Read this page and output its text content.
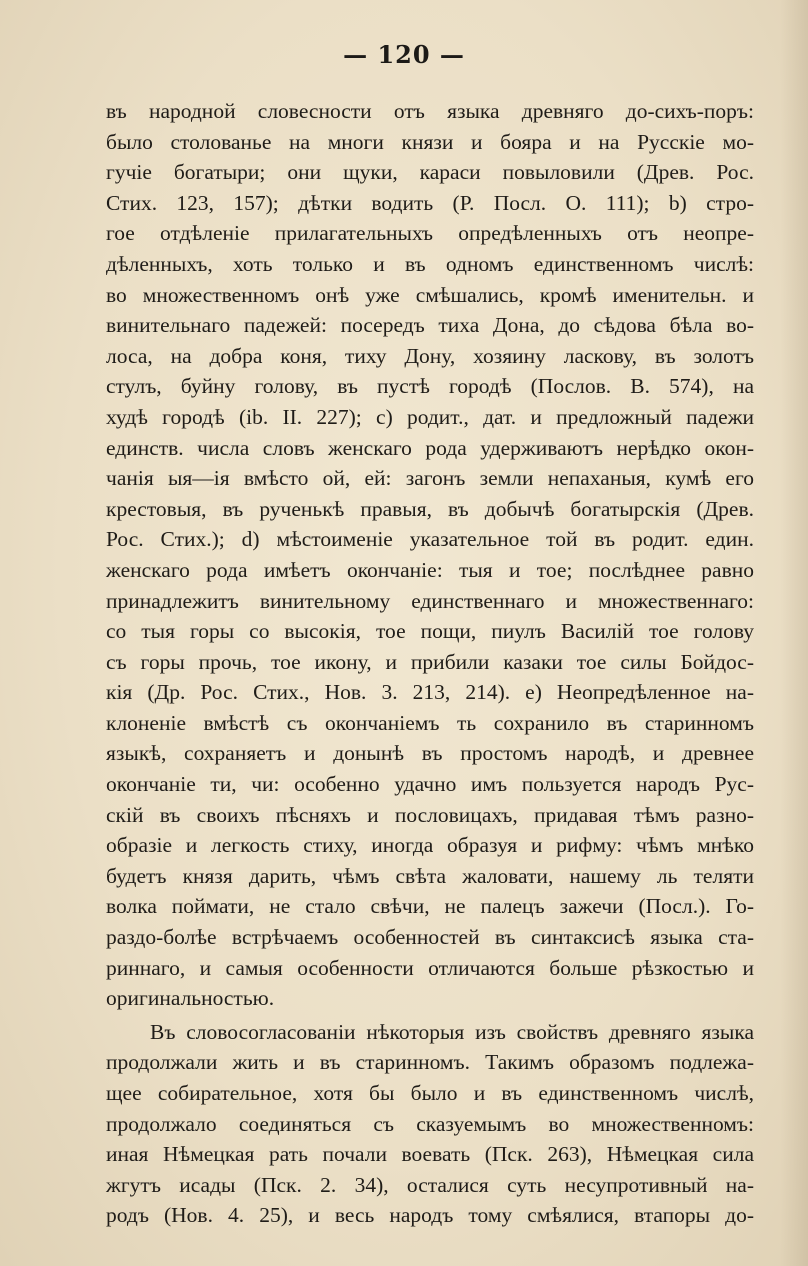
— 120 —
въ народной словесности отъ языка древняго до-сихъ-поръ:
было столованье на многи князи и бояра и на Русскіе мо-
гучіе богатыри; они щуки, караси повыловили (Древ. Рос.
Стих. 123, 157); дѣтки водить (Р. Посл. О. 111); b) стро-
гое отдѣленіе прилагательныхъ опредѣленныхъ отъ неопре-
дѣленныхъ, хоть только и въ одномъ единственномъ числѣ:
во множественномъ онѣ уже смѣшались, кромѣ именительн. и
винительнаго падежей: посередъ тиха Дона, до сѣдова бѣла во-
лоса, на добра коня, тиху Дону, хозяину ласкову, въ золотъ
стулъ, буйну голову, въ пустѣ городѣ (Послов. В. 574), на
худѣ городѣ (ib. II. 227); c) родит., дат. и предложный падежи
единств. числа словъ женскаго рода удерживаютъ нерѣдко окон-
чанія ыя—ія вмѣсто ой, ей: загонъ земли непаханыя, кумѣ его
крестовыя, въ рученькѣ правыя, въ добычѣ богатырскія (Древ.
Рос. Стих.); d) мѣстоименіе указательное той въ родит. един.
женскаго рода имѣетъ окончаніе: тыя и тое; послѣднее равно
принадлежитъ винительному единственнаго и множественнаго:
со тыя горы со высокія, тое пощи, пиулъ Василій тое голову
съ горы прочь, тое икону, и прибили казаки тое силы Бойдос-
кія (Др. Рос. Стих., Нов. 3. 213, 214). e) Неопредѣленное на-
клоненіе вмѣстѣ съ окончаніемъ ть сохранило въ старинномъ
языкѣ, сохраняетъ и донынѣ въ простомъ народѣ, и древнее
окончаніе ти, чи: особенно удачно имъ пользуется народъ Рус-
скій въ своихъ пѣсняхъ и пословицахъ, придавая тѣмъ разно-
образіе и легкость стиху, иногда образуя и рифму: чѣмъ мнѣко
будетъ князя дарить, чѣмъ свѣта жаловати, нашему ль теляти
волка поймати, не стало свѣчи, не палецъ зажечи (Посл.). Го-
раздо-болѣе встрѣчаемъ особенностей въ синтаксисѣ языка ста-
риннаго, и самыя особенности отличаются больше рѣзкостью и
оригинальностью.
Въ словосогласованіи нѣкоторыя изъ свойствъ древняго языка
продолжали жить и въ старинномъ. Такимъ образомъ подлежа-
щее собирательное, хотя бы было и въ единственномъ числѣ,
продолжало соединяться съ сказуемымъ во множественномъ:
иная Нѣмецкая рать почали воевать (Пск. 263), Нѣмецкая сила
жгутъ исады (Пск. 2. 34), осталися суть несупротивный на-
родъ (Нов. 4. 25), и весь народъ тому смѣялися, втапоры до-
